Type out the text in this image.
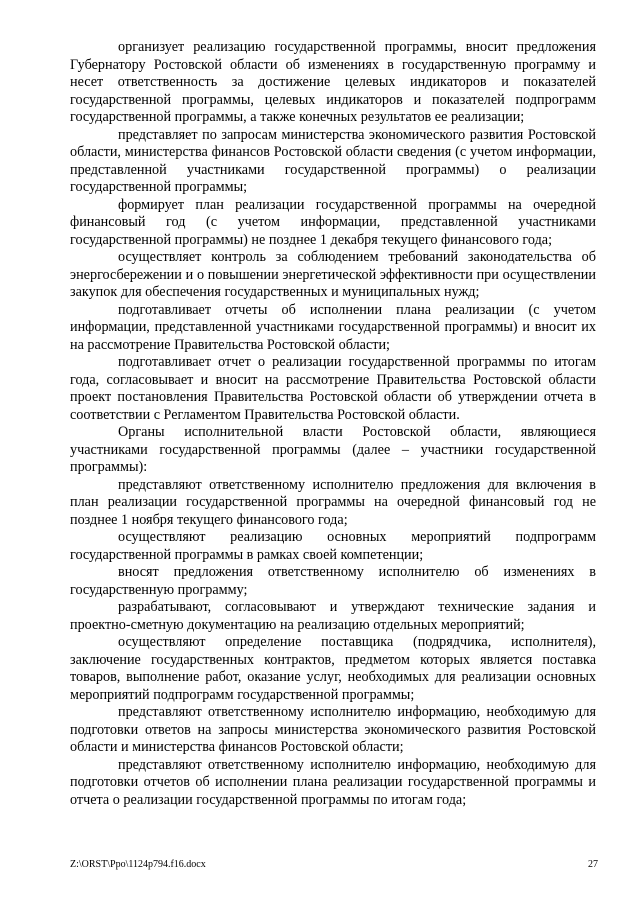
организует реализацию государственной программы, вносит предложения Губернатору Ростовской области об изменениях в государственную программу и несет ответственность за достижение целевых индикаторов и показателей государственной программы, целевых индикаторов и показателей подпрограмм государственной программы, а также конечных результатов ее реализации;

представляет по запросам министерства экономического развития Ростовской области, министерства финансов Ростовской области сведения (с учетом информации, представленной участниками государственной программы) о реализации государственной программы;

формирует план реализации государственной программы на очередной финансовый год (с учетом информации, представленной участниками государственной программы) не позднее 1 декабря текущего финансового года;

осуществляет контроль за соблюдением требований законодательства об энергосбережении и о повышении энергетической эффективности при осуществлении закупок для обеспечения государственных и муниципальных нужд;

подготавливает отчеты об исполнении плана реализации (с учетом информации, представленной участниками государственной программы) и вносит их на рассмотрение Правительства Ростовской области;

подготавливает отчет о реализации государственной программы по итогам года, согласовывает и вносит на рассмотрение Правительства Ростовской области проект постановления Правительства Ростовской области об утверждении отчета в соответствии с Регламентом Правительства Ростовской области.

Органы исполнительной власти Ростовской области, являющиеся участниками государственной программы (далее – участники государственной программы):

представляют ответственному исполнителю предложения для включения в план реализации государственной программы на очередной финансовый год не позднее 1 ноября текущего финансового года;

осуществляют реализацию основных мероприятий подпрограмм государственной программы в рамках своей компетенции;

вносят предложения ответственному исполнителю об изменениях в государственную программу;

разрабатывают, согласовывают и утверждают технические задания и проектно-сметную документацию на реализацию отдельных мероприятий;

осуществляют определение поставщика (подрядчика, исполнителя), заключение государственных контрактов, предметом которых является поставка товаров, выполнение работ, оказание услуг, необходимых для реализации основных мероприятий подпрограмм государственной программы;

представляют ответственному исполнителю информацию, необходимую для подготовки ответов на запросы министерства экономического развития Ростовской области и министерства финансов Ростовской области;

представляют ответственному исполнителю информацию, необходимую для подготовки отчетов об исполнении плана реализации государственной программы и отчета о реализации государственной программы по итогам года;

Z:\ORST\Ppo\1124p794.f16.docx	27
